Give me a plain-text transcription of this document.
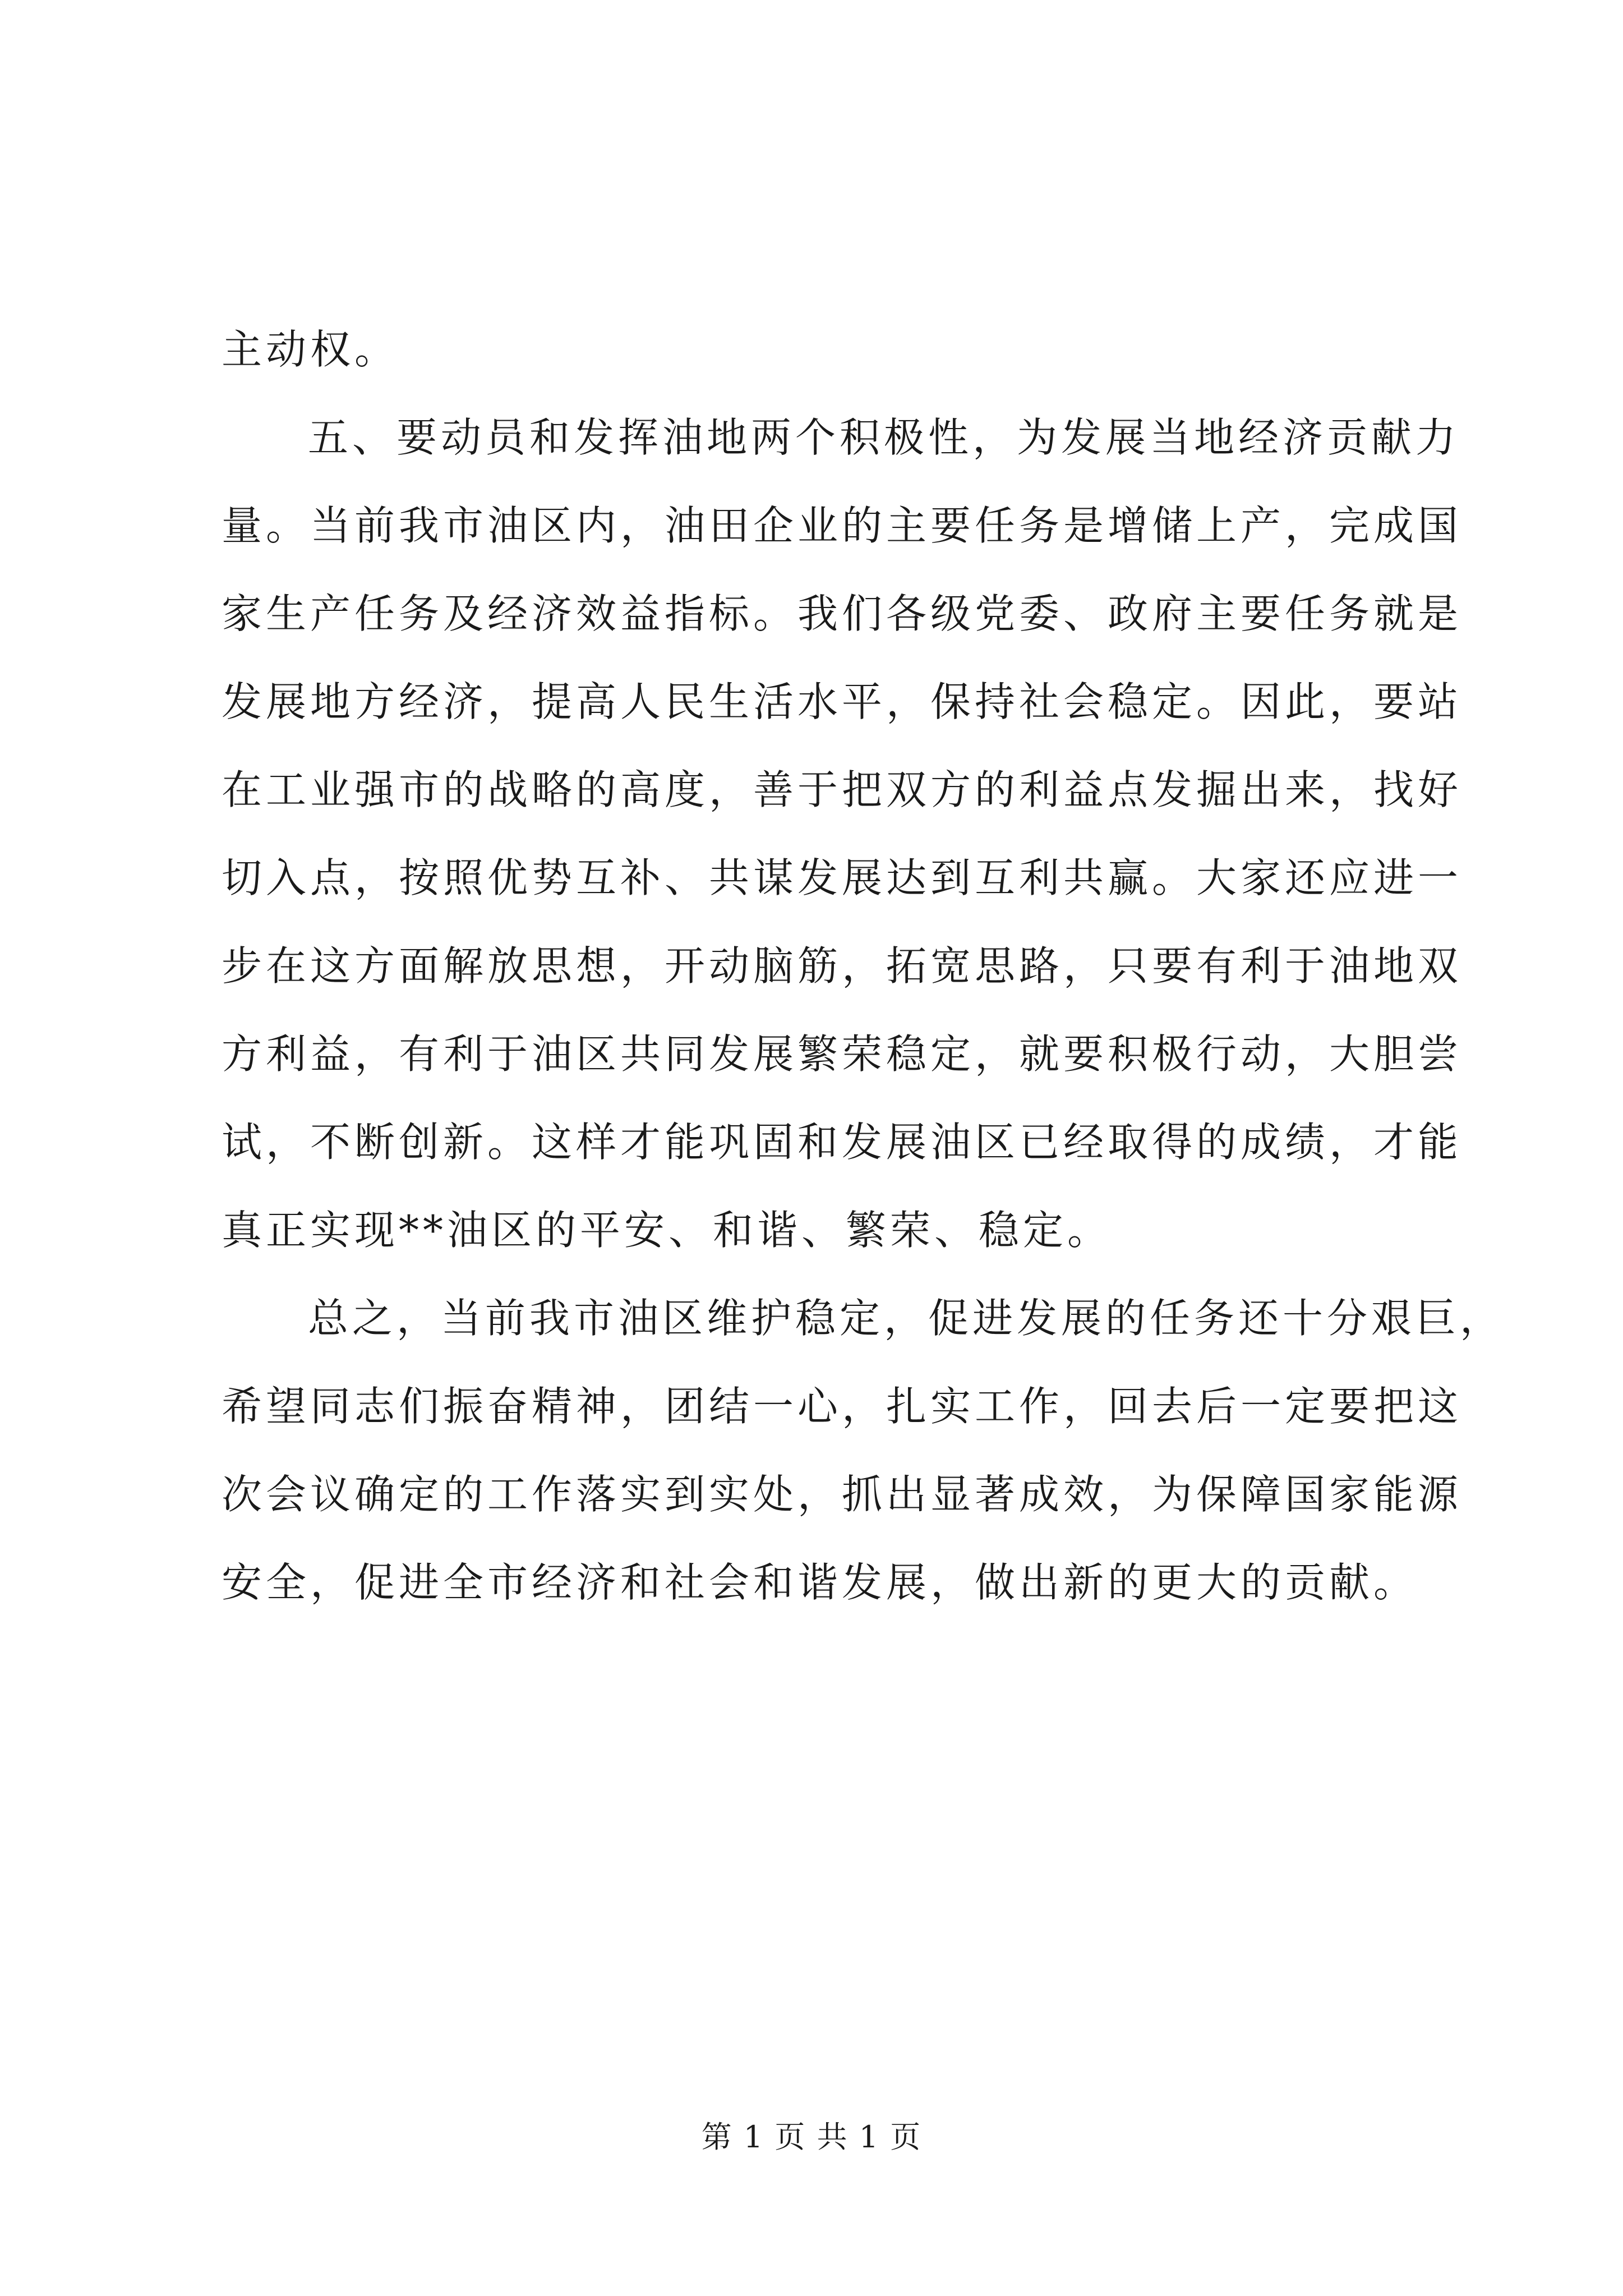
主动权。
五、要动员和发挥油地两个积极性，为发展当地经济贡献力
量。当前我市油区内，油田企业的主要任务是增储上产，完成国
家生产任务及经济效益指标。我们各级党委、政府主要任务就是
发展地方经济，提高人民生活水平，保持社会稳定。因此，要站
在工业强市的战略的高度，善于把双方的利益点发掘出来，找好
切入点，按照优势互补、共谋发展达到互利共赢。大家还应进一
步在这方面解放思想，开动脑筋，拓宽思路，只要有利于油地双
方利益，有利于油区共同发展繁荣稳定，就要积极行动，大胆尝
试，不断创新。这样才能巩固和发展油区已经取得的成绩，才能
真正实现**油区的平安、和谐、繁荣、稳定。
总之，当前我市油区维护稳定，促进发展的任务还十分艰巨，
希望同志们振奋精神，团结一心，扎实工作，回去后一定要把这
次会议确定的工作落实到实处，抓出显著成效，为保障国家能源
安全，促进全市经济和社会和谐发展，做出新的更大的贡献。
第 1 页 共 1 页
